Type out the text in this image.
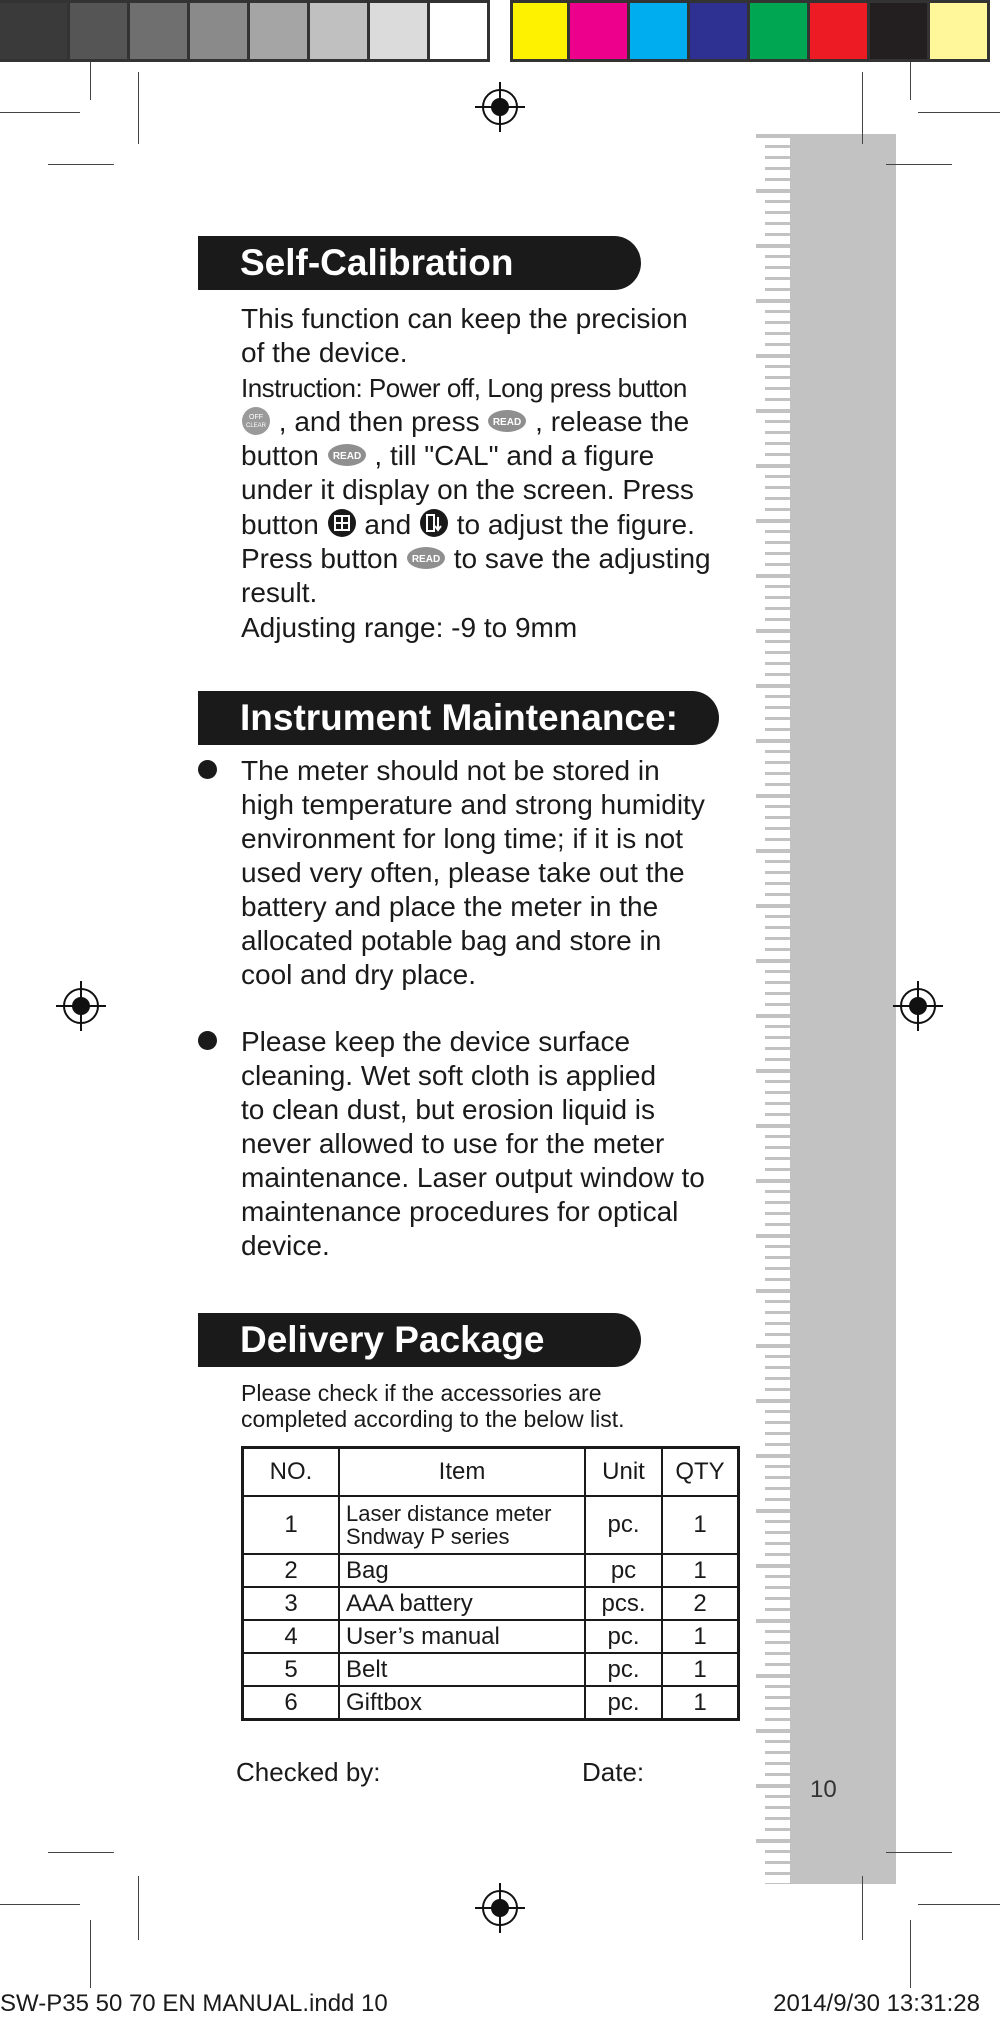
10
Self-Calibration
This function can keep the precision
of the device.
Instruction: Power off, Long press button
OFF
CLEAR , and then press READ , release the
button READ , till "CAL" and a figure
under it display on the screen. Press
button and to adjust the figure.
Press button READ to save the adjusting
result.
Adjusting range: -9 to 9mm
Instrument Maintenance:
The meter should not be stored in
high temperature and strong humidity
environment for long time; if it is not
used very often, please take out the
battery and place the meter in the
allocated potable bag and store in
cool and dry place.
Please keep the device surface
cleaning. Wet soft cloth is applied
to clean dust, but erosion liquid is
never allowed to use for the meter
maintenance. Laser output window to
maintenance procedures for optical
device.
Delivery Package
Please check if the accessories are
completed according to the below list.
NO.	Item	Unit	QTY
1	Laser distance meter
Sndway P series	pc.	1
2	Bag	pc	1
3	AAA battery	pcs.	2
4	User’s manual	pc.	1
5	Belt	pc.	1
6	Giftbox	pc.	1
Checked by:	Date:
SW-P35 50 70 EN MANUAL.indd 10	2014/9/30 13:31:28
